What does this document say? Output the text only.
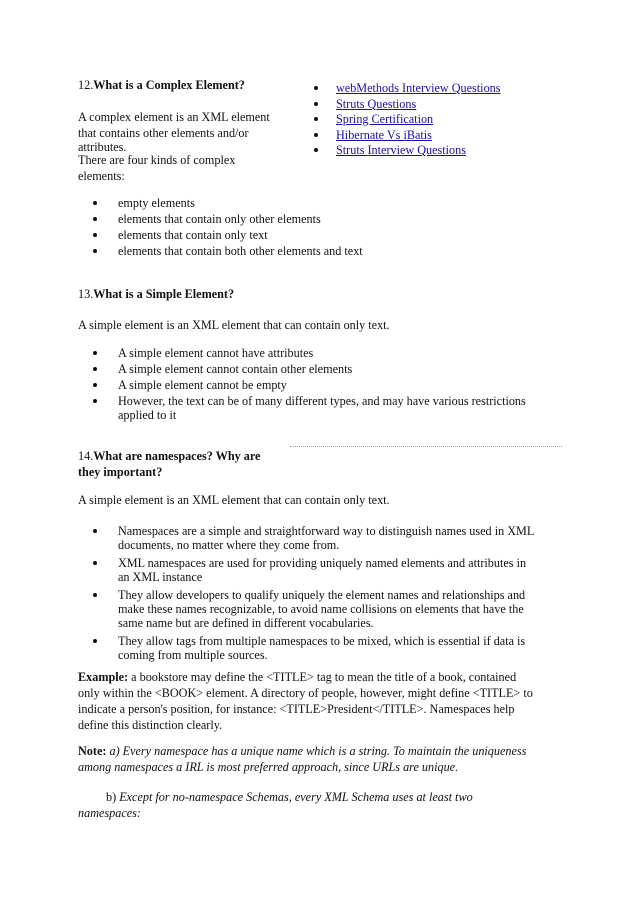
12.What is a Complex Element?
A complex element is an XML element
that contains other elements and/or
attributes.
There are four kinds of complex
elements:
webMethods Interview Questions
Struts Questions
Spring Certification
Hibernate Vs iBatis
Struts Interview Questions
empty elements
elements that contain only other elements
elements that contain only text
elements that contain both other elements and text
13.What is a Simple Element?
A simple element is an XML element that can contain only text.
A simple element cannot have attributes
A simple element cannot contain other elements
A simple element cannot be empty
However, the text can be of many different types, and may have various restrictions
applied to it
14.What are namespaces? Why are
they important?
A simple element is an XML element that can contain only text.
Namespaces are a simple and straightforward way to distinguish names used in XML
documents, no matter where they come from.
XML namespaces are used for providing uniquely named elements and attributes in
an XML instance
They allow developers to qualify uniquely the element names and relationships and
make these names recognizable, to avoid name collisions on elements that have the
same name but are defined in different vocabularies.
They allow tags from multiple namespaces to be mixed, which is essential if data is
coming from multiple sources.
Example: a bookstore may define the <TITLE> tag to mean the title of a book, contained
only within the <BOOK> element. A directory of people, however, might define <TITLE> to
indicate a person's position, for instance: <TITLE>President</TITLE>. Namespaces help
define this distinction clearly.
Note: a) Every namespace has a unique name which is a string. To maintain the uniqueness
among namespaces a IRL is most preferred approach, since URLs are unique.
b) Except for no-namespace Schemas, every XML Schema uses at least two
namespaces:
